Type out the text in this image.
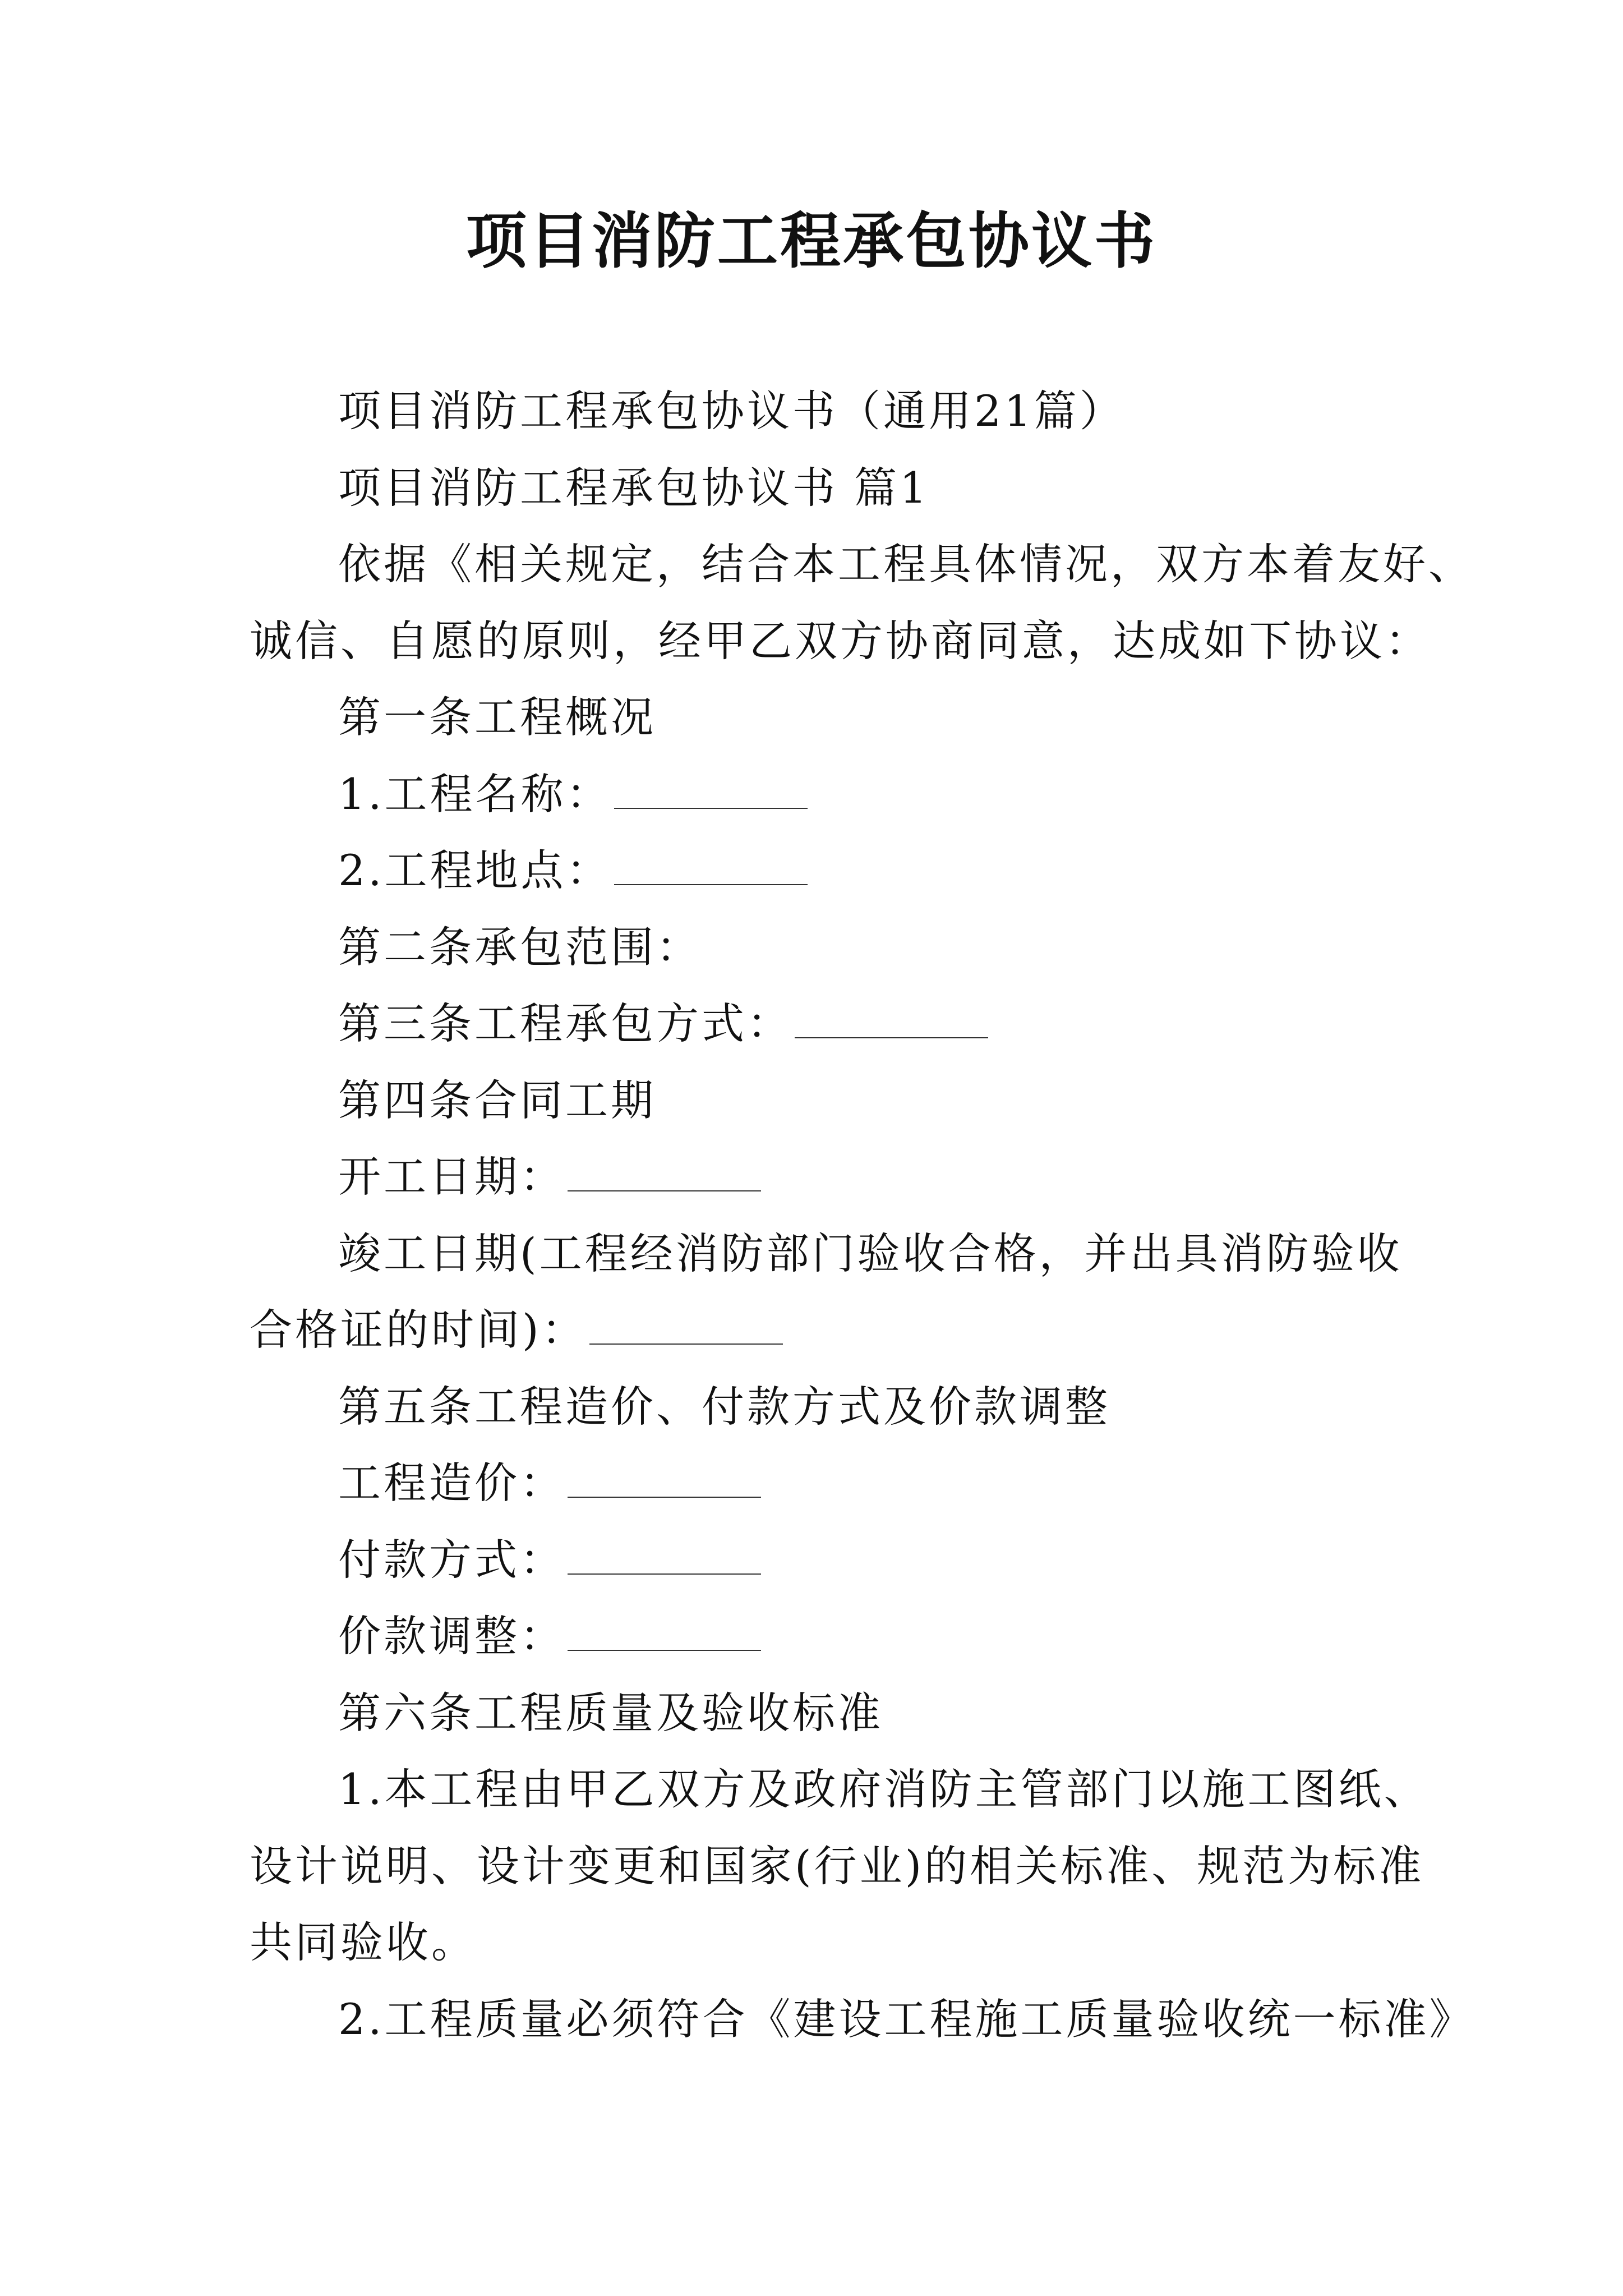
项目消防工程承包协议书
项目消防工程承包协议书（通用21篇）
项目消防工程承包协议书 篇1
依据《相关规定，结合本工程具体情况，双方本着友好、
诚信、自愿的原则，经甲乙双方协商同意，达成如下协议：
第一条工程概况
1.工程名称：
2.工程地点：
第二条承包范围：
第三条工程承包方式：
第四条合同工期
开工日期：
竣工日期(工程经消防部门验收合格，并出具消防验收
合格证的时间)：
第五条工程造价、付款方式及价款调整
工程造价：
付款方式：
价款调整：
第六条工程质量及验收标准
1.本工程由甲乙双方及政府消防主管部门以施工图纸、
设计说明、设计变更和国家(行业)的相关标准、规范为标准
共同验收。
2.工程质量必须符合《建设工程施工质量验收统一标准》
